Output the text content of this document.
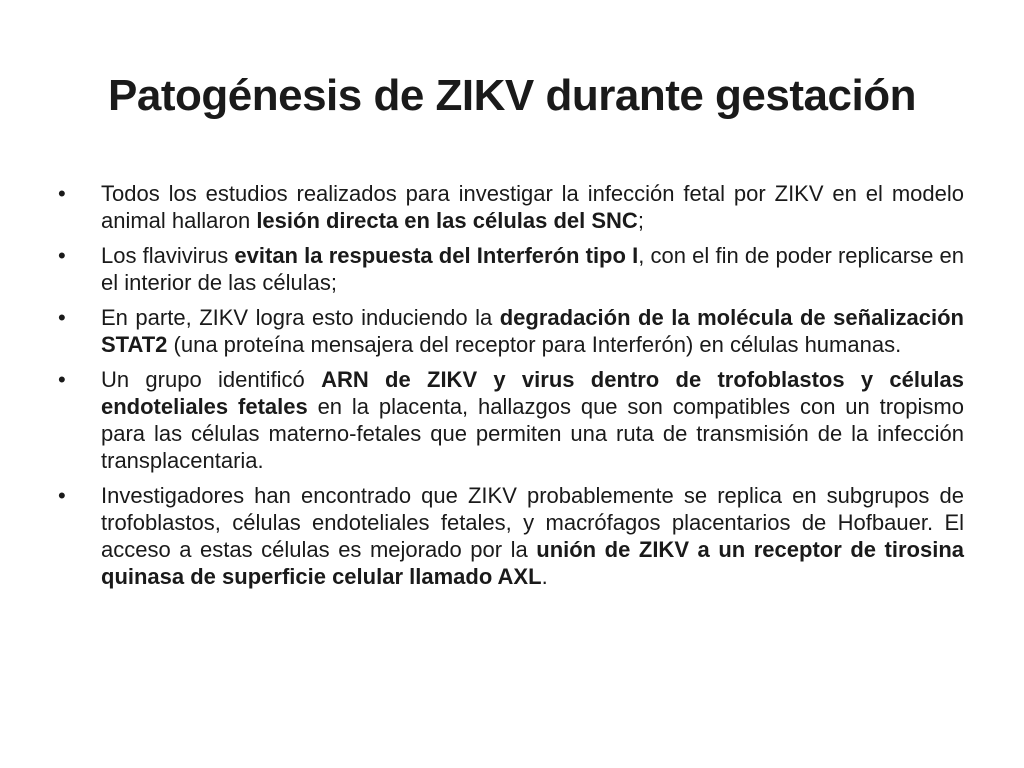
Patogénesis de ZIKV durante gestación
• Todos los estudios realizados para investigar la infección fetal por ZIKV en el modelo animal hallaron lesión directa en las células del SNC;
• Los flavivirus evitan la respuesta del Interferón tipo I, con el fin de poder replicarse en el interior de las células;
• En parte, ZIKV logra esto induciendo la degradación de la molécula de señalización STAT2 (una proteína mensajera del receptor para Interferón) en células humanas.
• Un grupo identificó ARN de ZIKV y virus dentro de trofoblastos y células endoteliales fetales en la placenta, hallazgos que son compatibles con un tropismo para las células materno-fetales que permiten una ruta de transmisión de la infección transplacentaria.
• Investigadores han encontrado que ZIKV probablemente se replica en subgrupos de trofoblastos, células endoteliales fetales, y macrófagos placentarios de Hofbauer. El acceso a estas células es mejorado por la unión de ZIKV a un receptor de tirosina quinasa de superficie celular llamado AXL.
